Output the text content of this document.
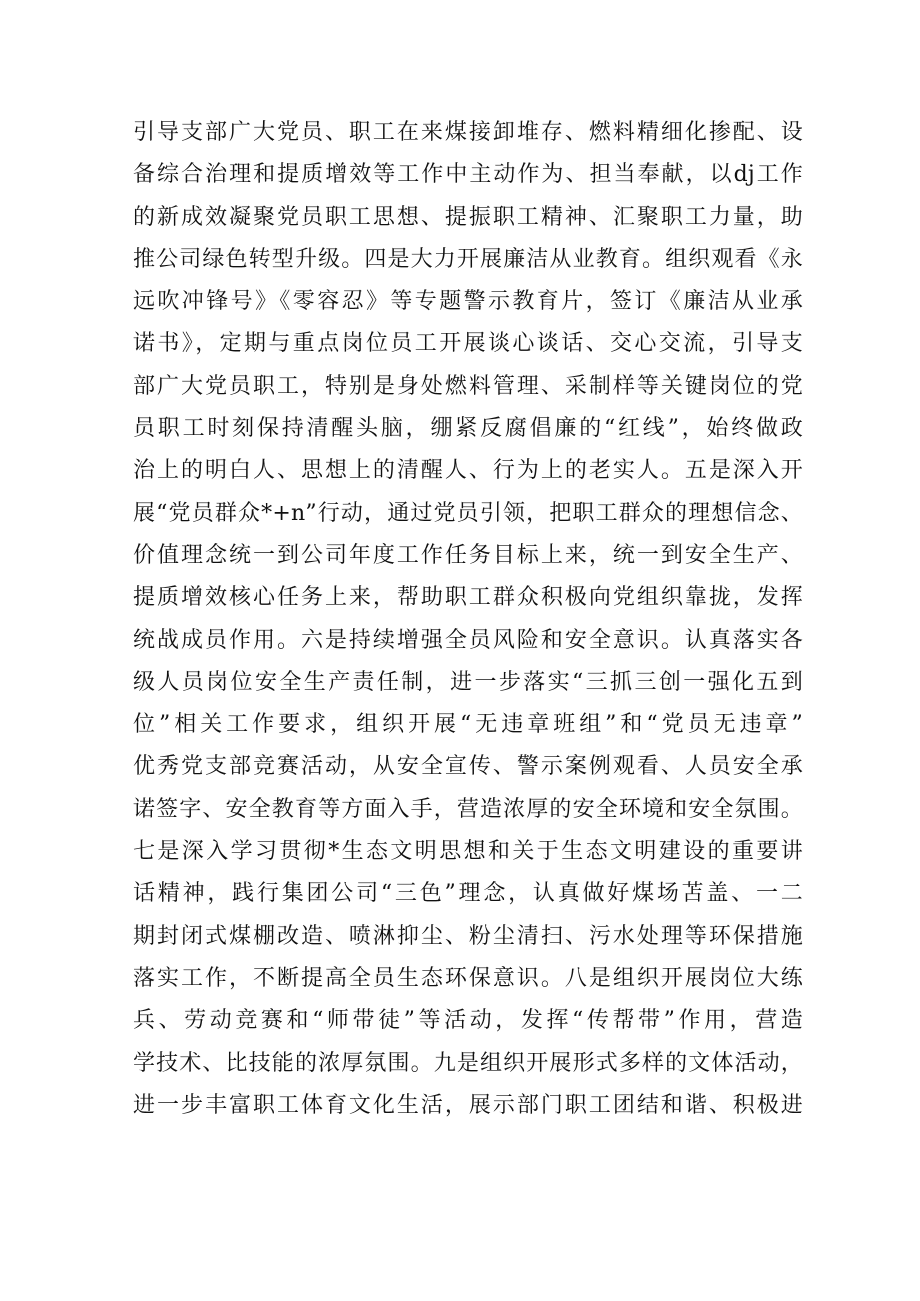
引导支部广大党员、职工在来煤接卸堆存、燃料精细化掺配、设
备综合治理和提质增效等工作中主动作为、担当奉献，以dj工作
的新成效凝聚党员职工思想、提振职工精神、汇聚职工力量，助
推公司绿色转型升级。四是大力开展廉洁从业教育。组织观看《永
远吹冲锋号》《零容忍》等专题警示教育片，签订《廉洁从业承
诺书》，定期与重点岗位员工开展谈心谈话、交心交流，引导支
部广大党员职工，特别是身处燃料管理、采制样等关键岗位的党
员职工时刻保持清醒头脑，绷紧反腐倡廉的“红线”，始终做政
治上的明白人、思想上的清醒人、行为上的老实人。五是深入开
展“党员群众*+n”行动，通过党员引领，把职工群众的理想信念、
价值理念统一到公司年度工作任务目标上来，统一到安全生产、
提质增效核心任务上来，帮助职工群众积极向党组织靠拢，发挥
统战成员作用。六是持续增强全员风险和安全意识。认真落实各
级人员岗位安全生产责任制，进一步落实“三抓三创一强化五到
位”相关工作要求，组织开展“无违章班组”和“党员无违章”
优秀党支部竞赛活动，从安全宣传、警示案例观看、人员安全承
诺签字、安全教育等方面入手，营造浓厚的安全环境和安全氛围。
七是深入学习贯彻*生态文明思想和关于生态文明建设的重要讲
话精神，践行集团公司“三色”理念，认真做好煤场苫盖、一二
期封闭式煤棚改造、喷淋抑尘、粉尘清扫、污水处理等环保措施
落实工作，不断提高全员生态环保意识。八是组织开展岗位大练
兵、劳动竞赛和“师带徒”等活动，发挥“传帮带”作用，营造
学技术、比技能的浓厚氛围。九是组织开展形式多样的文体活动，
进一步丰富职工体育文化生活，展示部门职工团结和谐、积极进
